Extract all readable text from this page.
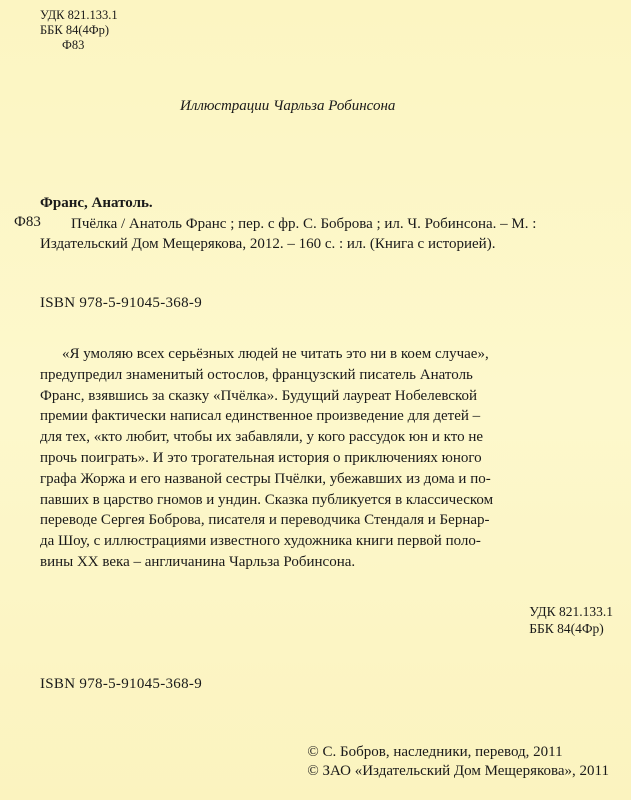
УДК 821.133.1
ББК 84(4Фр)
Ф83
Иллюстрации Чарльза Робинсона
Франс, Анатоль.
Ф83	Пчёлка / Анатоль Франс ; пер. с фр. С. Боброва ; ил. Ч. Робинсона. – М. :
Издательский Дом Мещерякова, 2012. – 160 с. : ил. (Книга с историей).
ISBN 978-5-91045-368-9
«Я умоляю всех серьёзных людей не читать это ни в коем случае»,
предупредил знаменитый остослов, французский писатель Анатоль
Франс, взявшись за сказку «Пчёлка». Будущий лауреат Нобелевской
премии фактически написал единственное произведение для детей –
для тех, «кто любит, чтобы их забавляли, у кого рассудок юн и кто не
прочь поиграть». И это трогательная история о приключениях юного
графа Жоржа и его названой сестры Пчёлки, убежавших из дома и по-
павших в царство гномов и ундин. Сказка публикуется в классическом
переводе Сергея Боброва, писателя и переводчика Стендаля и Бернар-
да Шоу, с иллюстрациями известного художника книги первой поло-
вины XX века – англичанина Чарльза Робинсона.
УДК 821.133.1
ББК 84(4Фр)
ISBN 978-5-91045-368-9
© С. Бобров, наследники, перевод, 2011
© ЗАО «Издательский Дом Мещерякова», 2011
